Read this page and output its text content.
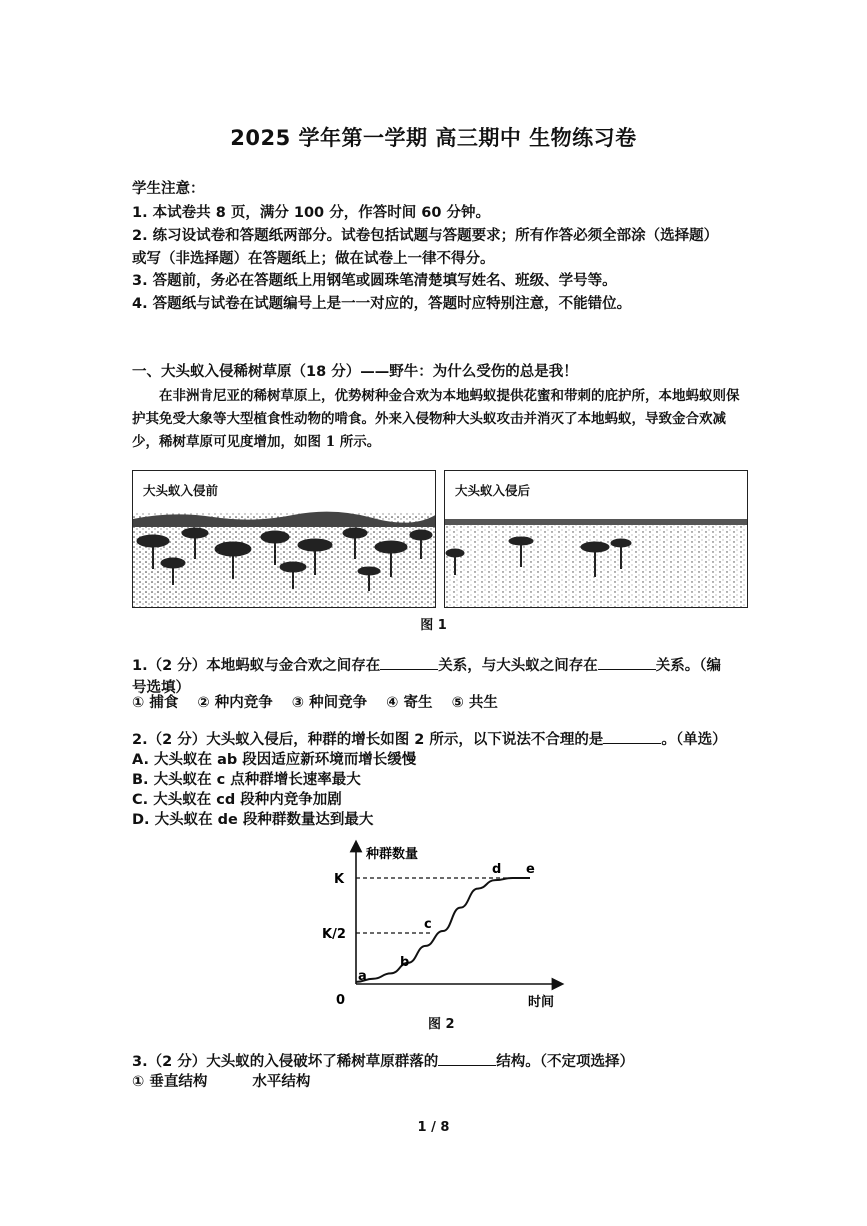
2025 学年第一学期 高三期中 生物练习卷
学生注意：
1. 本试卷共 8 页，满分 100 分，作答时间 60 分钟。
2. 练习设试卷和答题纸两部分。试卷包括试题与答题要求；所有作答必须全部涂（选择题）
或写（非选择题）在答题纸上；做在试卷上一律不得分。
3. 答题前，务必在答题纸上用钢笔或圆珠笔清楚填写姓名、班级、学号等。
4. 答题纸与试卷在试题编号上是一一对应的，答题时应特别注意，不能错位。
一、大头蚁入侵稀树草原（18 分）——野牛：为什么受伤的总是我！
在非洲肯尼亚的稀树草原上，优势树种金合欢为本地蚂蚁提供花蜜和带刺的庇护所，本地蚂蚁则保护其免受大象等大型植食性动物的啃食。外来入侵物种大头蚁攻击并消灭了本地蚂蚁，导致金合欢减少，稀树草原可见度增加，如图 1 所示。
大头蚁入侵前	大头蚁入侵后
图 1
1.（2 分）本地蚂蚁与金合欢之间存在	关系，与大头蚁之间存在	关系。（编
号选填）
① 捕食 ② 种内竞争 ③ 种间竞争 ④ 寄生 ⑤ 共生
2.（2 分）大头蚁入侵后，种群的增长如图 2 所示，以下说法不合理的是	。（单选）
A. 大头蚁在 ab 段因适应新环境而增长缓慢
B. 大头蚁在 c 点种群增长速率最大
C. 大头蚁在 cd 段种内竞争加剧
D. 大头蚁在 de 段种群数量达到最大
种群数量
时间
0
K
K/2
a
b
c
d e
图 2
3.（2 分）大头蚁的入侵破坏了稀树草原群落的	结构。（不定项选择）
① 垂直结构	水平结构
1 / 8
